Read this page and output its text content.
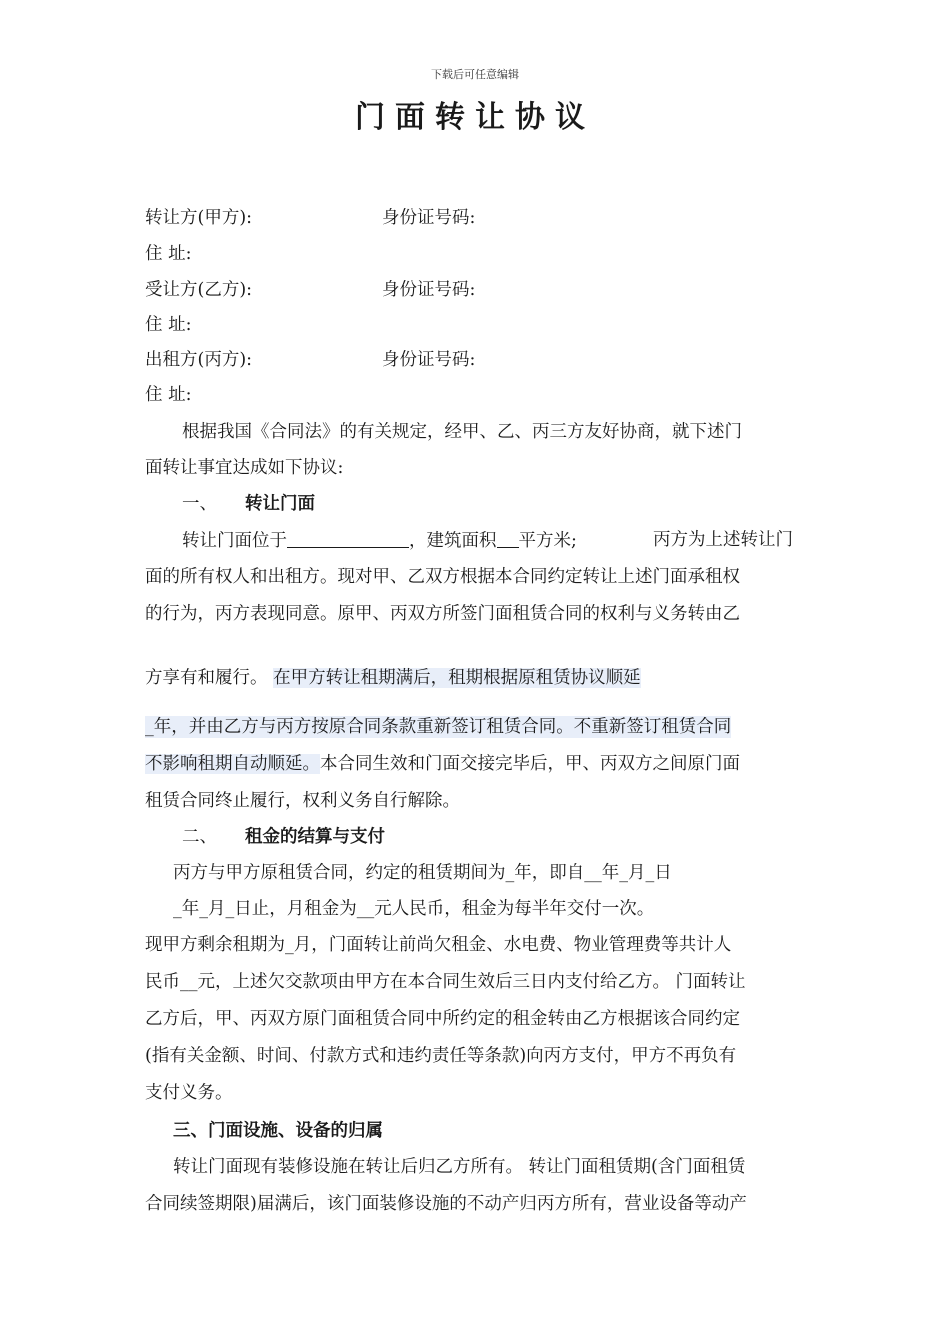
下载后可任意编辑
门面转让协议
转让方(甲方):	身份证号码:
住 址:
受让方(乙方):	身份证号码:
住 址:
出租方(丙方):	身份证号码:
住 址:
根据我国《合同法》的有关规定，经甲、乙、丙三方友好协商，就下述门
面转让事宜达成如下协议:
一、 转让门面
转让门面位于	，建筑面积 平方米;	丙方为上述转让门
面的所有权人和出租方。现对甲、乙双方根据本合同约定转让上述门面承租权
的行为，丙方表现同意。原甲、丙双方所签门面租赁合同的权利与义务转由乙
方享有和履行。 在甲方转让租期满后，租期根据原租赁协议顺延
_年，并由乙方与丙方按原合同条款重新签订租赁合同。不重新签订租赁合同
不影响租期自动顺延。本合同生效和门面交接完毕后，甲、丙双方之间原门面
租赁合同终止履行，权利义务自行解除。
二、 租金的结算与支付
丙方与甲方原租赁合同，约定的租赁期间为_年，即自__年_月_日
_年_月_日止，月租金为__元人民币，租金为每半年交付一次。
现甲方剩余租期为_月，门面转让前尚欠租金、水电费、物业管理费等共计人
民币__元，上述欠交款项由甲方在本合同生效后三日内支付给乙方。 门面转让
乙方后，甲、丙双方原门面租赁合同中所约定的租金转由乙方根据该合同约定
(指有关金额、时间、付款方式和违约责任等条款)向丙方支付，甲方不再负有
支付义务。
三、门面设施、设备的归属
转让门面现有装修设施在转让后归乙方所有。 转让门面租赁期(含门面租赁
合同续签期限)届满后，该门面装修设施的不动产归丙方所有，营业设备等动产
